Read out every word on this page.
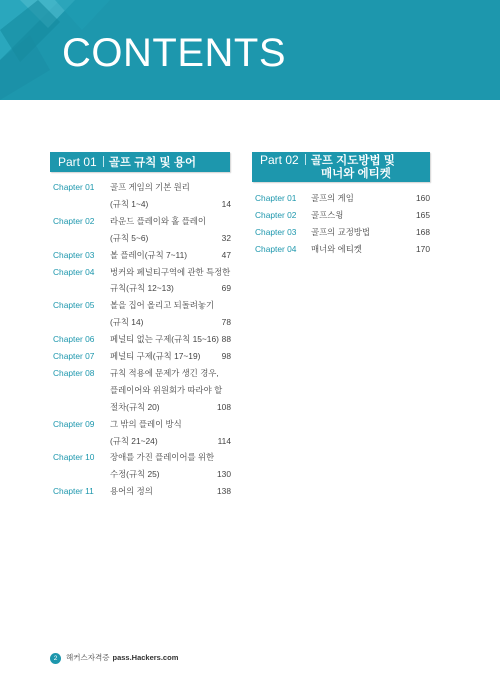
CONTENTS
Part 01 골프 규칙 및 용어	Part 02 골프 지도방법 및
매너와 에티켓
Chapter 01 골프 게임의 기본 원리
(규칙 1~4)	14
Chapter 02 라운드 플레이와 홀 플레이
(규칙 5~6)	32
Chapter 03 볼 플레이(규칙 7~11)	47
Chapter 04 벙커와 페널티구역에 관한 특정한
규칙(규칙 12~13)	69
Chapter 05 볼을 집어 올리고 되돌려놓기
(규칙 14)	78
Chapter 06 페널티 없는 구제(규칙 15~16) 88
Chapter 07 페널티 구제(규칙 17~19)	98
Chapter 08 규칙 적용에 문제가 생긴 경우,
플레이어와 위원회가 따라야 할
절차(규칙 20)	108
Chapter 09 그 밖의 플레이 방식
(규칙 21~24)	114
Chapter 10 장애를 가진 플레이어를 위한
수정(규칙 25)	130
Chapter 11 용어의 정의	138
Chapter 01 골프의 게임	160
Chapter 02 골프스윙	165
Chapter 03 골프의 교정방법	168
Chapter 04 매너와 에티켓	170
2 해커스자격증 pass.Hackers.com
